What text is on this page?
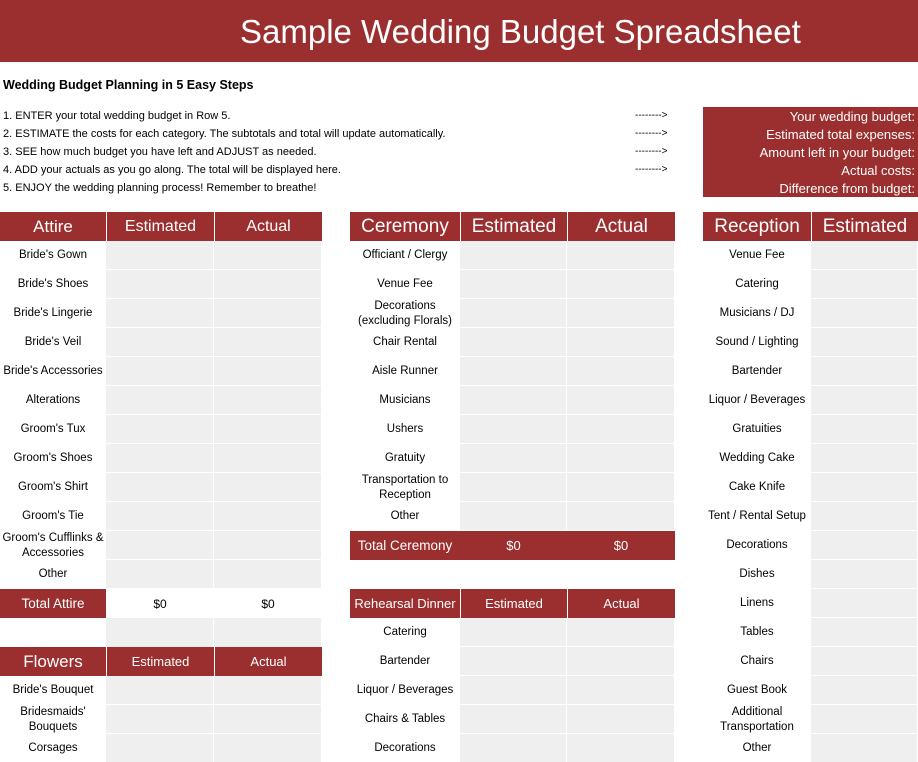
Sample Wedding Budget Spreadsheet
Wedding Budget Planning in 5 Easy Steps
1. ENTER your total wedding budget in Row 5.
2. ESTIMATE the costs for each category. The subtotals and total will update automatically.
3. SEE how much budget you have left and ADJUST as needed.
4. ADD your actuals as you go along. The total will be displayed here.
5. ENJOY the wedding planning process! Remember to breathe!
-------->
-------->
-------->
-------->
Your wedding budget:
Estimated total expenses:
Amount left in your budget:
Actual costs:
Difference from budget:
Attire	Estimated	Actual
Bride's Gown
Bride's Shoes
Bride's Lingerie
Bride's Veil
Bride's Accessories
Alterations
Groom's Tux
Groom's Shoes
Groom's Shirt
Groom's Tie
Groom's Cufflinks & Accessories
Other
Total Attire	$0	$0
Flowers	Estimated	Actual
Bride's Bouquet
Bridesmaids' Bouquets
Corsages
Ceremony	Estimated	Actual
Officiant / Clergy
Venue Fee
Decorations (excluding Florals)
Chair Rental
Aisle Runner
Musicians
Ushers
Gratuity
Transportation to Reception
Other
Total Ceremony	$0	$0
Rehearsal Dinner	Estimated	Actual
Catering
Bartender
Liquor / Beverages
Chairs & Tables
Decorations
Reception	Estimated
Venue Fee
Catering
Musicians / DJ
Sound / Lighting
Bartender
Liquor / Beverages
Gratuities
Wedding Cake
Cake Knife
Tent / Rental Setup
Decorations
Dishes
Linens
Tables
Chairs
Guest Book
Additional Transportation
Other
